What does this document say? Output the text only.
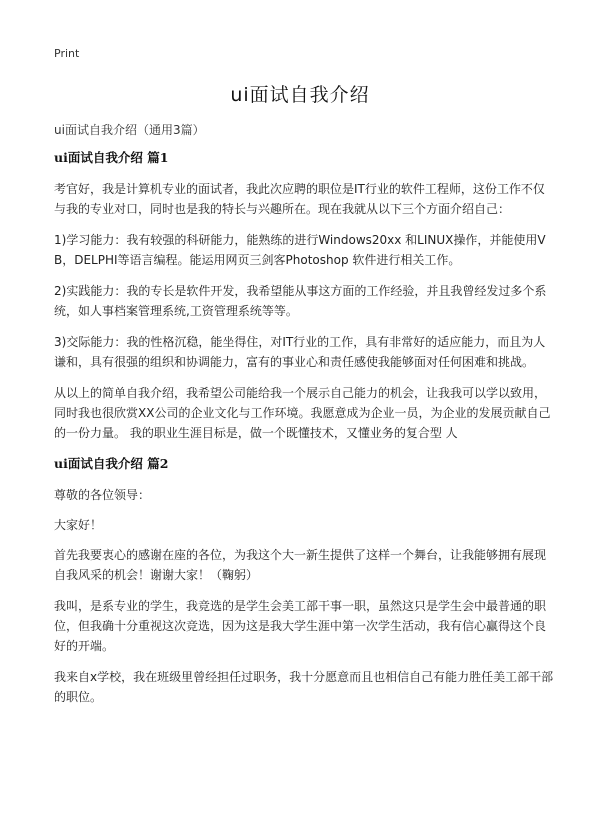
Print
ui面试自我介绍
ui面试自我介绍（通用3篇）
ui面试自我介绍 篇1

考官好，我是计算机专业的面试者，我此次应聘的职位是IT行业的软件工程师，这份工作不仅与我的专业对口，同时也是我的特长与兴趣所在。现在我就从以下三个方面介绍自己：

1)学习能力：我有较强的科研能力，能熟练的进行Windows20xx 和LINUX操作，并能使用VB，DELPHI等语言编程。能运用网页三剑客Photoshop 软件进行相关工作。

2)实践能力：我的专长是软件开发，我希望能从事这方面的工作经验，并且我曾经发过多个系统，如人事档案管理系统,工资管理系统等等。

3)交际能力：我的性格沉稳，能坐得住，对IT行业的工作，具有非常好的适应能力，而且为人谦和，具有很强的组织和协调能力，富有的事业心和责任感使我能够面对任何困难和挑战。

从以上的简单自我介绍，我希望公司能给我一个展示自己能力的机会，让我我可以学以致用，同时我也很欣赏XX公司的企业文化与工作环境。我愿意成为企业一员，为企业的发展贡献自己的一份力量。 我的职业生涯目标是，做一个既懂技术，又懂业务的复合型 人

ui面试自我介绍 篇2

尊敬的各位领导：

大家好！

首先我要衷心的感谢在座的各位，为我这个大一新生提供了这样一个舞台，让我能够拥有展现自我风采的机会！谢谢大家！（鞠躬）

我叫，是系专业的学生，我竞选的是学生会美工部干事一职，虽然这只是学生会中最普通的职位，但我确十分重视这次竞选，因为这是我大学生涯中第一次学生活动，我有信心赢得这个良好的开端。

我来自x学校，我在班级里曾经担任过职务，我十分愿意而且也相信自己有能力胜任美工部干部的职位。
